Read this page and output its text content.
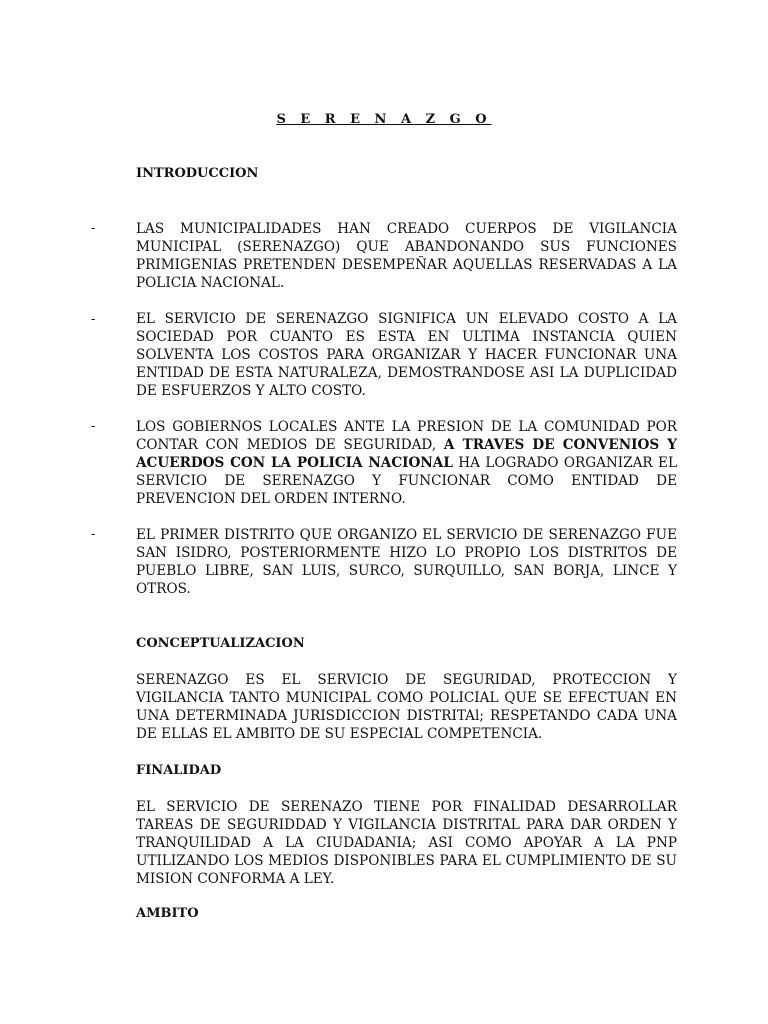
S E R E N A Z G O
INTRODUCCION
-	LAS MUNICIPALIDADES HAN CREADO CUERPOS DE VIGILANCIA MUNICIPAL (SERENAZGO) QUE ABANDONANDO SUS FUNCIONES PRIMIGENIAS PRETENDEN DESEMPEÑAR AQUELLAS RESERVADAS A LA POLICIA NACIONAL.
-	EL SERVICIO DE SERENAZGO SIGNIFICA UN ELEVADO COSTO A LA SOCIEDAD POR CUANTO ES ESTA EN ULTIMA INSTANCIA QUIEN SOLVENTA LOS COSTOS PARA ORGANIZAR Y HACER FUNCIONAR UNA ENTIDAD DE ESTA NATURALEZA, DEMOSTRANDOSE ASI LA DUPLICIDAD DE ESFUERZOS Y ALTO COSTO.
-	LOS GOBIERNOS LOCALES ANTE LA PRESION DE LA COMUNIDAD POR CONTAR CON MEDIOS DE SEGURIDAD, A TRAVES DE CONVENIOS Y ACUERDOS CON LA POLICIA NACIONAL HA LOGRADO ORGANIZAR EL SERVICIO DE SERENAZGO Y FUNCIONAR COMO ENTIDAD DE PREVENCION DEL ORDEN INTERNO.
-	EL PRIMER DISTRITO QUE ORGANIZO EL SERVICIO DE SERENAZGO FUE SAN ISIDRO, POSTERIORMENTE HIZO LO PROPIO LOS DISTRITOS DE PUEBLO LIBRE, SAN LUIS, SURCO, SURQUILLO, SAN BORJA, LINCE Y OTROS.
CONCEPTUALIZACION
SERENAZGO ES EL SERVICIO DE SEGURIDAD, PROTECCION Y VIGILANCIA TANTO MUNICIPAL COMO POLICIAL QUE SE EFECTUAN EN UNA DETERMINADA JURISDICCION DISTRITAl; RESPETANDO CADA UNA DE ELLAS EL AMBITO DE SU ESPECIAL COMPETENCIA.
FINALIDAD
EL SERVICIO DE SERENAZO TIENE POR FINALIDAD DESARROLLAR TAREAS DE SEGURIDDAD Y VIGILANCIA DISTRITAL PARA DAR ORDEN Y TRANQUILIDAD A LA CIUDADANIA; ASI COMO APOYAR A LA PNP UTILIZANDO LOS MEDIOS DISPONIBLES PARA EL CUMPLIMIENTO DE SU MISION CONFORMA A LEY.
AMBITO
